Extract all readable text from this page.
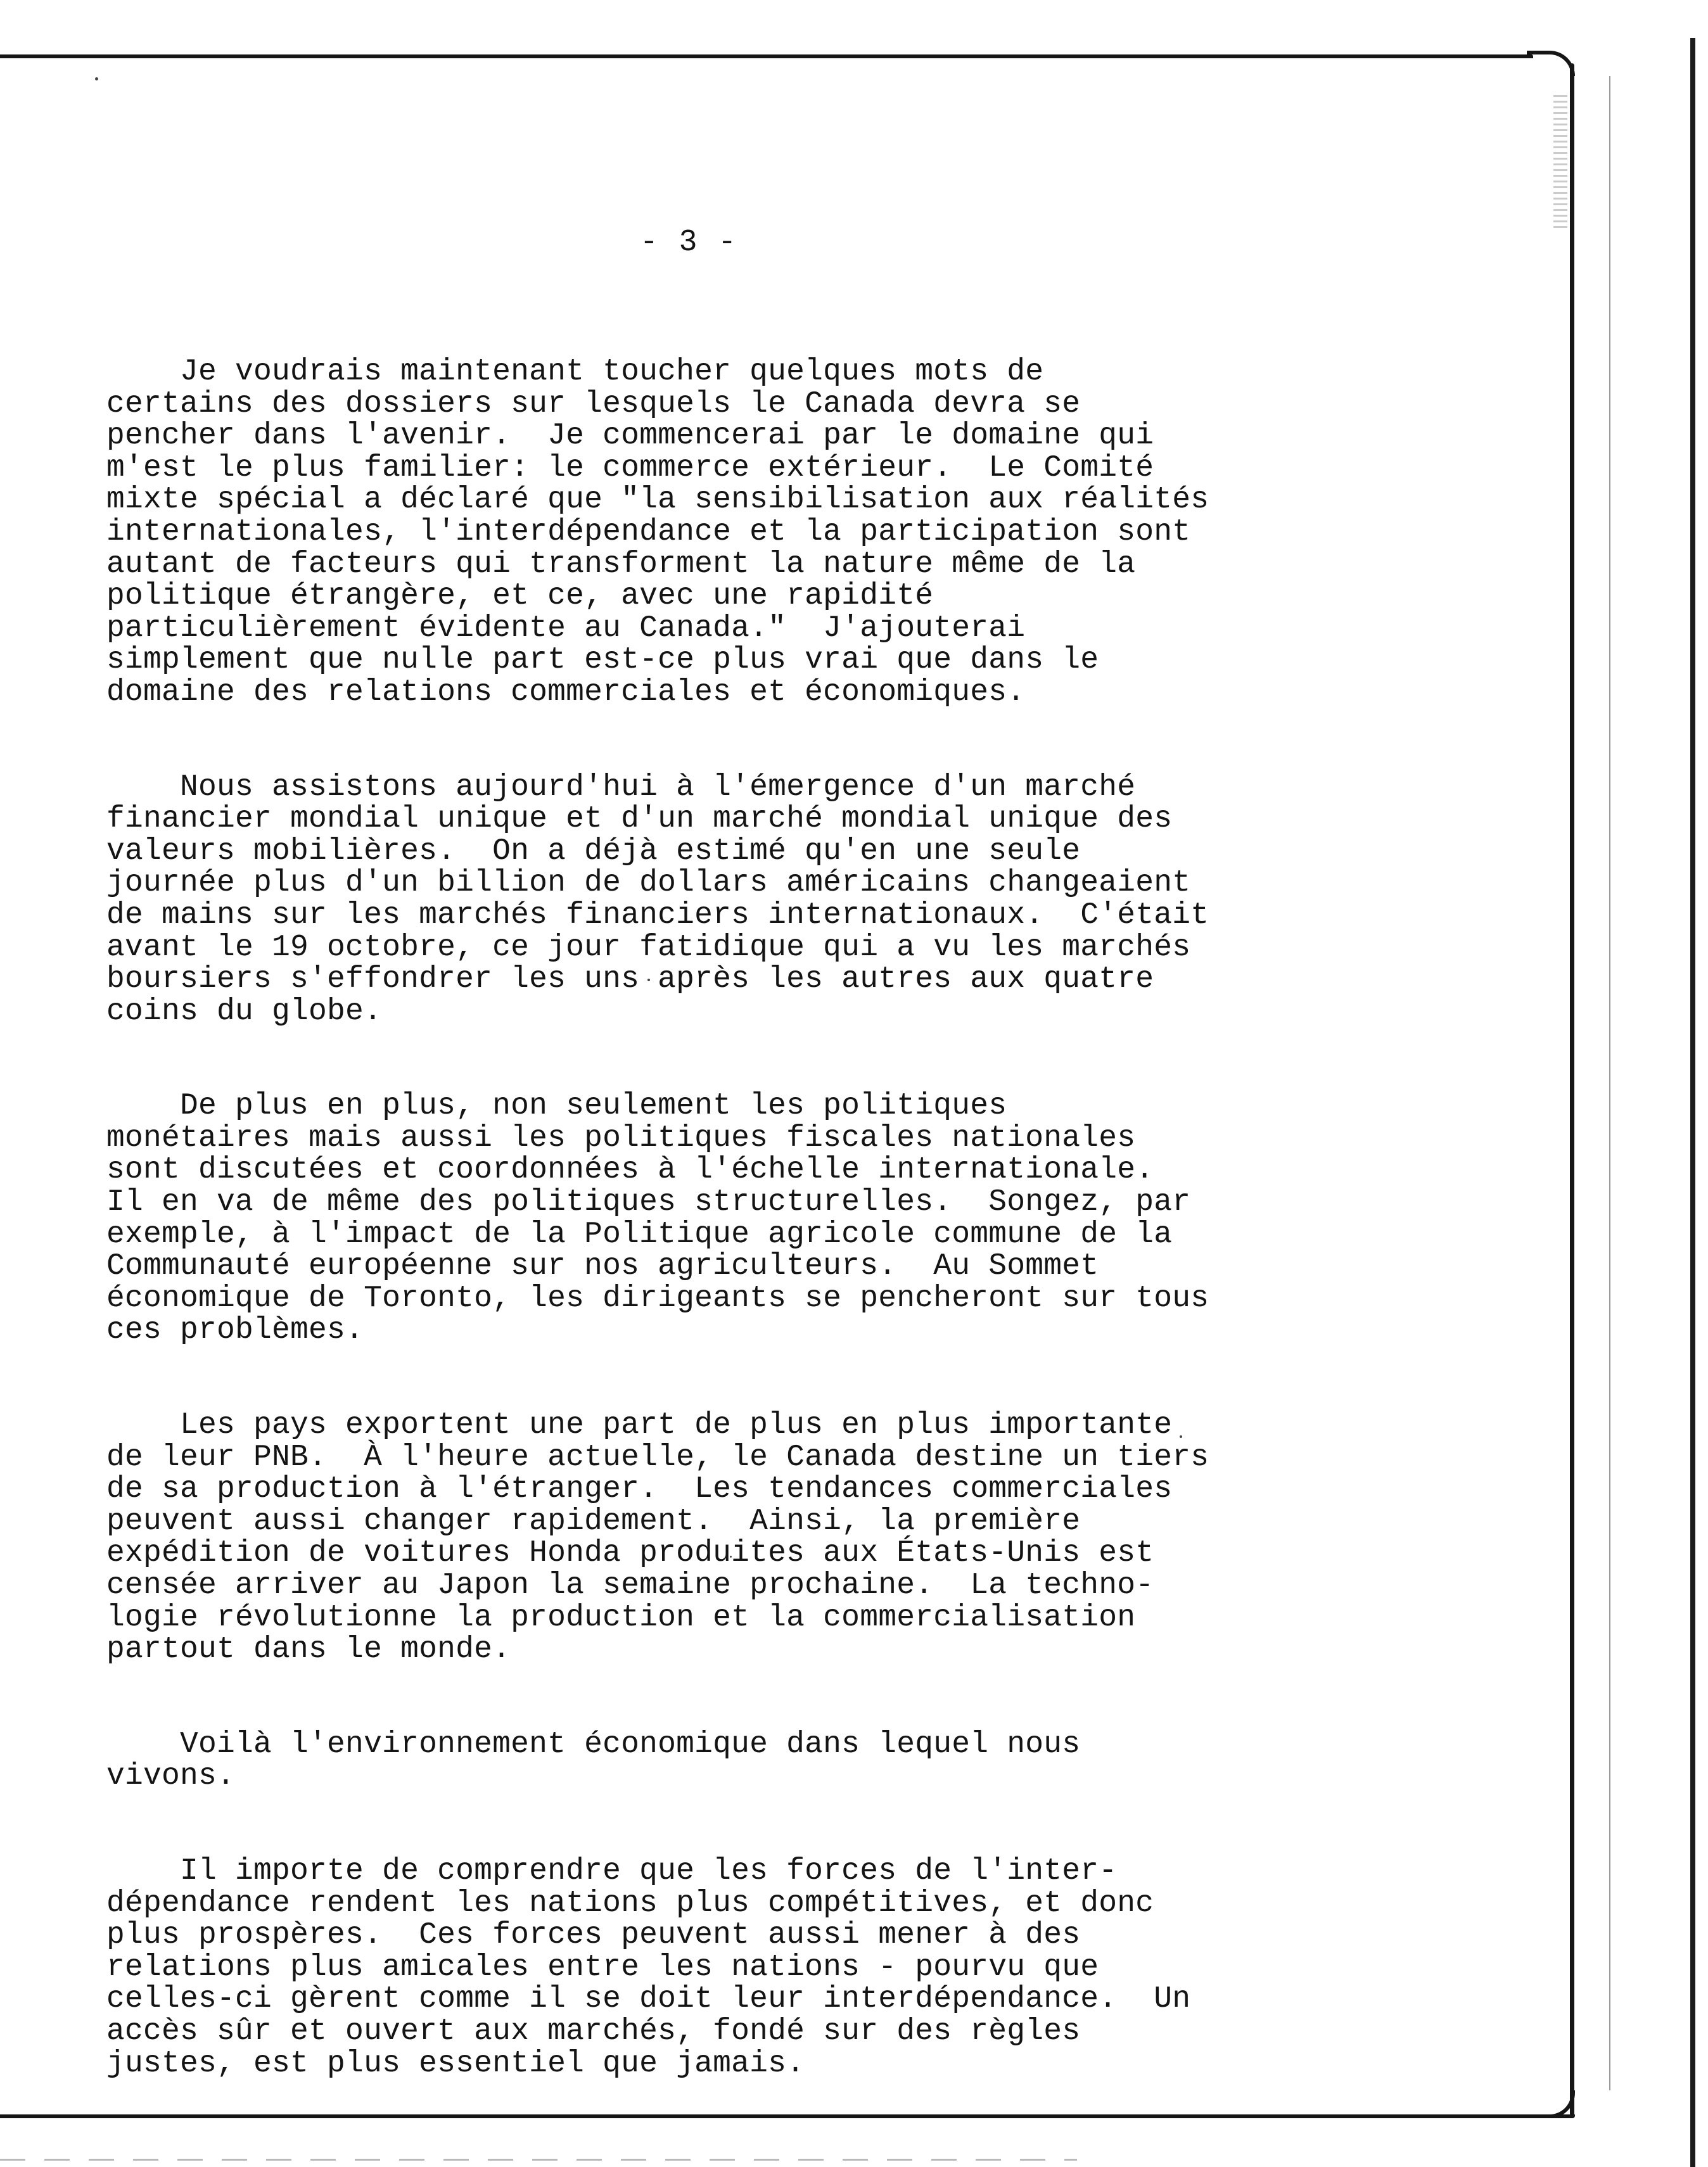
- 3 -
Je voudrais maintenant toucher quelques mots de
certains des dossiers sur lesquels le Canada devra se
pencher dans l'avenir.  Je commencerai par le domaine qui
m'est le plus familier: le commerce extérieur.  Le Comité
mixte spécial a déclaré que "la sensibilisation aux réalités
internationales, l'interdépendance et la participation sont
autant de facteurs qui transforment la nature même de la
politique étrangère, et ce, avec une rapidité
particulièrement évidente au Canada."  J'ajouterai
simplement que nulle part est-ce plus vrai que dans le
domaine des relations commerciales et économiques.
Nous assistons aujourd'hui à l'émergence d'un marché
financier mondial unique et d'un marché mondial unique des
valeurs mobilières.  On a déjà estimé qu'en une seule
journée plus d'un billion de dollars américains changeaient
de mains sur les marchés financiers internationaux.  C'était
avant le 19 octobre, ce jour fatidique qui a vu les marchés
boursiers s'effondrer les uns après les autres aux quatre
coins du globe.
De plus en plus, non seulement les politiques
monétaires mais aussi les politiques fiscales nationales
sont discutées et coordonnées à l'échelle internationale.
Il en va de même des politiques structurelles.  Songez, par
exemple, à l'impact de la Politique agricole commune de la
Communauté européenne sur nos agriculteurs.  Au Sommet
économique de Toronto, les dirigeants se pencheront sur tous
ces problèmes.
Les pays exportent une part de plus en plus importante
de leur PNB.  À l'heure actuelle, le Canada destine un tiers
de sa production à l'étranger.  Les tendances commerciales
peuvent aussi changer rapidement.  Ainsi, la première
expédition de voitures Honda produites aux États-Unis est
censée arriver au Japon la semaine prochaine.  La techno-
logie révolutionne la production et la commercialisation
partout dans le monde.
Voilà l'environnement économique dans lequel nous
vivons.
Il importe de comprendre que les forces de l'inter-
dépendance rendent les nations plus compétitives, et donc
plus prospères.  Ces forces peuvent aussi mener à des
relations plus amicales entre les nations - pourvu que
celles-ci gèrent comme il se doit leur interdépendance.  Un
accès sûr et ouvert aux marchés, fondé sur des règles
justes, est plus essentiel que jamais.
